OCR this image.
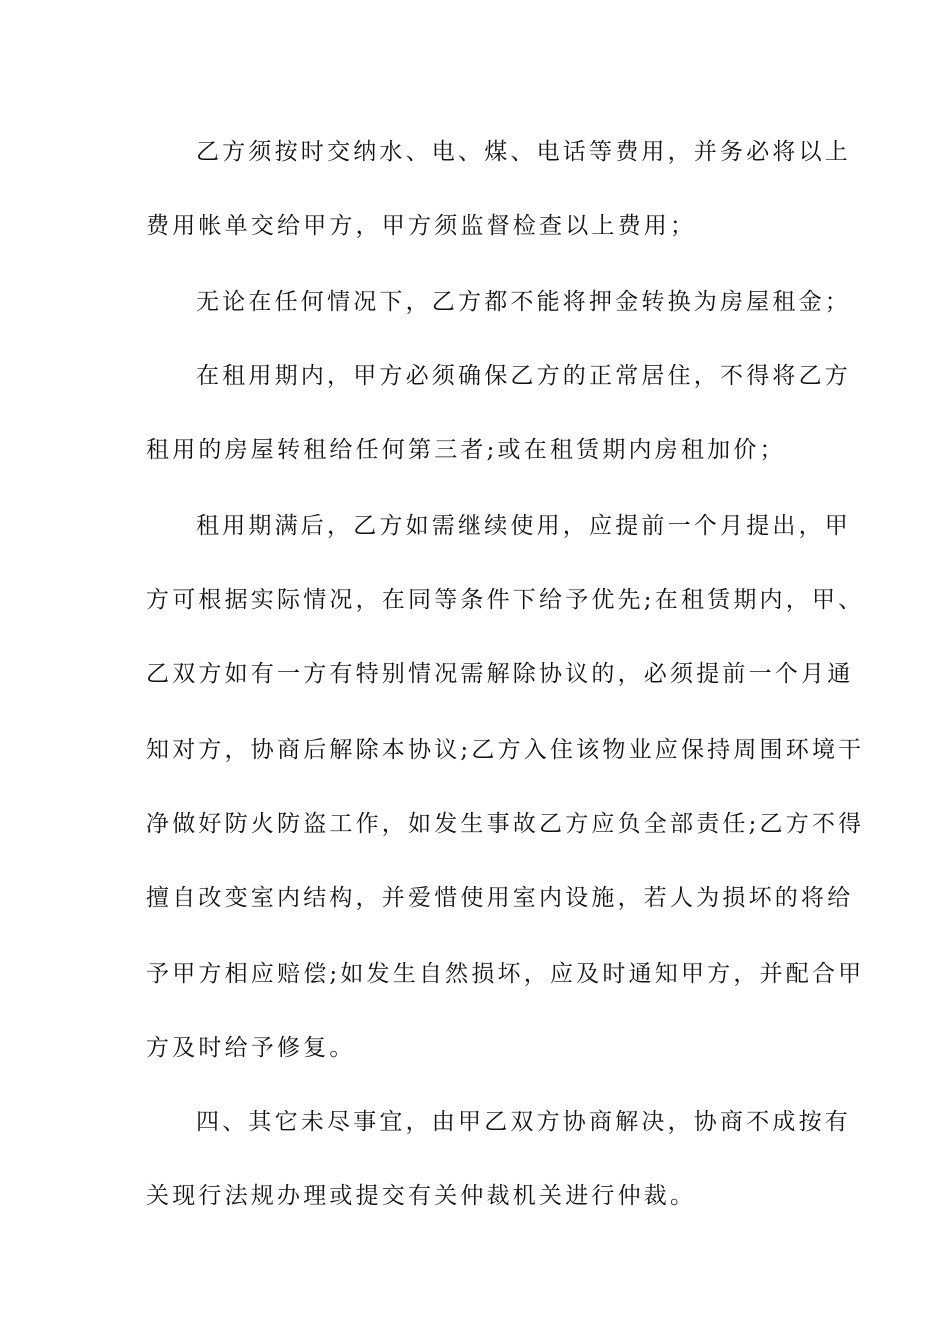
乙方须按时交纳水、电、煤、电话等费用，并务必将以上
费用帐单交给甲方，甲方须监督检查以上费用；
无论在任何情况下，乙方都不能将押金转换为房屋租金；
在租用期内，甲方必须确保乙方的正常居住，不得将乙方
租用的房屋转租给任何第三者;或在租赁期内房租加价；
租用期满后，乙方如需继续使用，应提前一个月提出，甲
方可根据实际情况，在同等条件下给予优先;在租赁期内，甲、
乙双方如有一方有特别情况需解除协议的，必须提前一个月通
知对方，协商后解除本协议;乙方入住该物业应保持周围环境干
净做好防火防盗工作，如发生事故乙方应负全部责任;乙方不得
擅自改变室内结构，并爱惜使用室内设施，若人为损坏的将给
予甲方相应赔偿;如发生自然损坏，应及时通知甲方，并配合甲
方及时给予修复。
四、其它未尽事宜，由甲乙双方协商解决，协商不成按有
关现行法规办理或提交有关仲裁机关进行仲裁。
